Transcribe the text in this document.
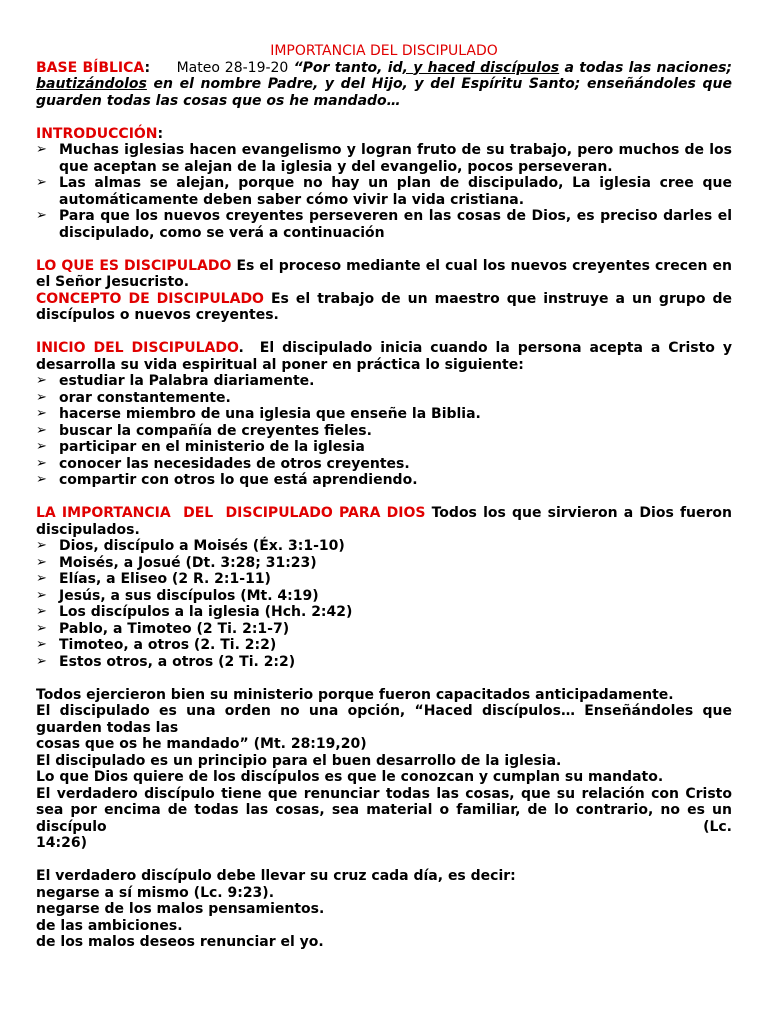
IMPORTANCIA DEL DISCIPULADO
BASE BÍBLICA: Mateo 28-19-20 “Por tanto, id, y haced discípulos a todas las naciones; bautizándolos en el nombre Padre, y del Hijo, y del Espíritu Santo; enseñándoles que guarden todas las cosas que os he mandado…
INTRODUCCIÓN:
➢ Muchas iglesias hacen evangelismo y logran fruto de su trabajo, pero muchos de los que aceptan se alejan de la iglesia y del evangelio, pocos perseveran.
➢ Las almas se alejan, porque no hay un plan de discipulado, La iglesia cree que automáticamente deben saber cómo vivir la vida cristiana.
➢ Para que los nuevos creyentes perseveren en las cosas de Dios, es preciso darles el discipulado, como se verá a continuación
LO QUE ES DISCIPULADO Es el proceso mediante el cual los nuevos creyentes crecen en el Señor Jesucristo.
CONCEPTO DE DISCIPULADO Es el trabajo de un maestro que instruye a un grupo de discípulos o nuevos creyentes.
INICIO DEL DISCIPULADO.  El discipulado inicia cuando la persona acepta a Cristo y desarrolla su vida espiritual al poner en práctica lo siguiente:
➢ estudiar la Palabra diariamente.
➢ orar constantemente.
➢ hacerse miembro de una iglesia que enseñe la Biblia.
➢ buscar la compañía de creyentes fieles.
➢ participar en el ministerio de la iglesia
➢ conocer las necesidades de otros creyentes.
➢ compartir con otros lo que está aprendiendo.
LA IMPORTANCIA  DEL  DISCIPULADO PARA DIOS Todos los que sirvieron a Dios fueron discipulados.
➢ Dios, discípulo a Moisés (Éx. 3:1-10)
➢ Moisés, a Josué (Dt. 3:28; 31:23)
➢ Elías, a Eliseo (2 R. 2:1-11)
➢ Jesús, a sus discípulos (Mt. 4:19)
➢ Los discípulos a la iglesia (Hch. 2:42)
➢ Pablo, a Timoteo (2 Ti. 2:1-7)
➢ Timoteo, a otros (2. Ti. 2:2)
➢ Estos otros, a otros (2 Ti. 2:2)
Todos ejercieron bien su ministerio porque fueron capacitados anticipadamente.
El discipulado es una orden no una opción, “Haced discípulos… Enseñándoles que guarden todas las
cosas que os he mandado” (Mt. 28:19,20)
El discipulado es un principio para el buen desarrollo de la iglesia.
Lo que Dios quiere de los discípulos es que le conozcan y cumplan su mandato.
El verdadero discípulo tiene que renunciar todas las cosas, que su relación con Cristo sea por encima de todas las cosas, sea material o familiar, de lo contrario, no es un
discípulo	(Lc.
14:26)
El verdadero discípulo debe llevar su cruz cada día, es decir:
negarse a sí mismo (Lc. 9:23).
negarse de los malos pensamientos.
de las ambiciones.
de los malos deseos renunciar el yo.
